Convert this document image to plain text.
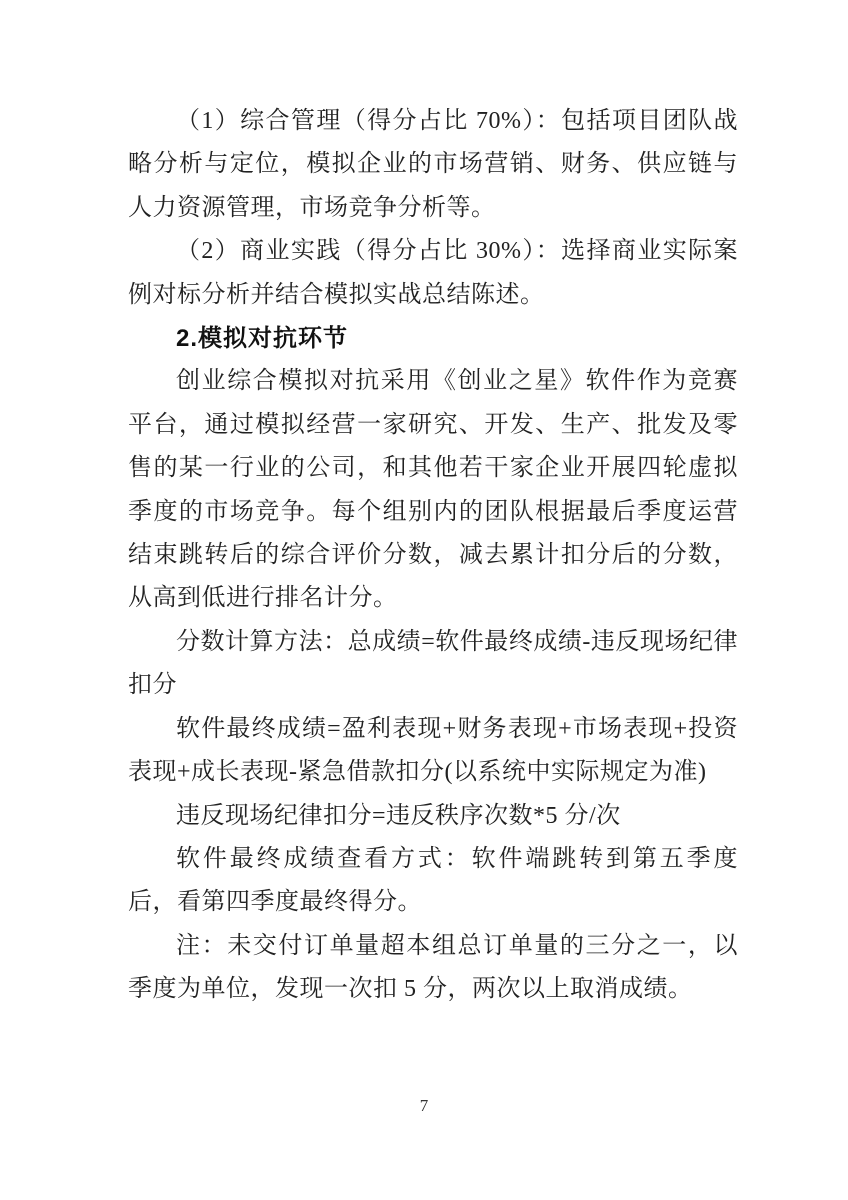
（1）综合管理（得分占比 70%）：包括项目团队战略分析与定位，模拟企业的市场营销、财务、供应链与人力资源管理，市场竞争分析等。

（2）商业实践（得分占比 30%）：选择商业实际案例对标分析并结合模拟实战总结陈述。

2.模拟对抗环节

创业综合模拟对抗采用《创业之星》软件作为竞赛平台，通过模拟经营一家研究、开发、生产、批发及零售的某一行业的公司，和其他若干家企业开展四轮虚拟季度的市场竞争。每个组别内的团队根据最后季度运营结束跳转后的综合评价分数，减去累计扣分后的分数，从高到低进行排名计分。

分数计算方法：总成绩=软件最终成绩-违反现场纪律扣分

软件最终成绩=盈利表现+财务表现+市场表现+投资表现+成长表现-紧急借款扣分(以系统中实际规定为准)

违反现场纪律扣分=违反秩序次数*5 分/次

软件最终成绩查看方式：软件端跳转到第五季度后，看第四季度最终得分。

注：未交付订单量超本组总订单量的三分之一，以季度为单位，发现一次扣 5 分，两次以上取消成绩。

7
